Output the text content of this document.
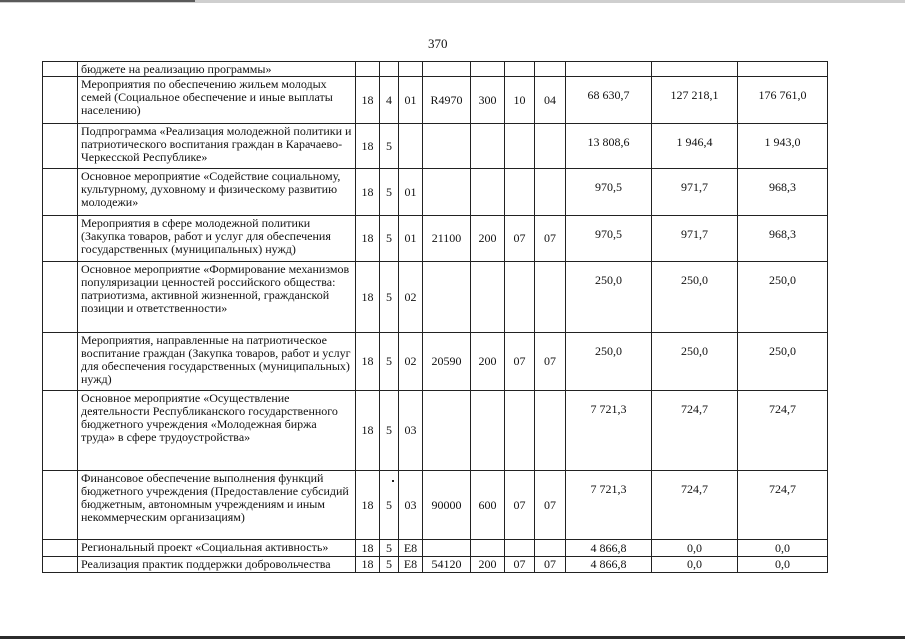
370
	бюджете на реализацию программы»										
	Мероприятия по обеспечению жильем молодых семей (Социальное обеспечение и иные выплаты населению)	18	4	01	R4970	300	10	04	68 630,7	127 218,1	176 761,0
	Подпрограмма «Реализация молодежной политики и патриотического воспитания граждан в Карачаево-Черкесской Республике»	18	5						13 808,6	1 946,4	1 943,0
	Основное мероприятие «Содействие социальному, культурному, духовному и физическому развитию молодежи»	18	5	01					970,5	971,7	968,3
	Мероприятия в сфере молодежной политики (Закупка товаров, работ и услуг для обеспечения государственных (муниципальных) нужд)	18	5	01	21100	200	07	07	970,5	971,7	968,3
	Основное мероприятие «Формирование механизмов популяризации ценностей российского общества: патриотизма, активной жизненной, гражданской позиции и ответственности»	18	5	02					250,0	250,0	250,0
	Мероприятия, направленные на патриотическое воспитание граждан (Закупка товаров, работ и услуг для обеспечения государственных (муниципальных) нужд)	18	5	02	20590	200	07	07	250,0	250,0	250,0
	Основное мероприятие «Осуществление деятельности Республиканского государственного бюджетного учреждения «Молодежная биржа труда» в сфере трудоустройства»	18	5	03					7 721,3	724,7	724,7
	Финансовое обеспечение выполнения функций бюджетного учреждения (Предоставление субсидий бюджетным, автономным учреждениям и иным некоммерческим организациям)	18	5	03	90000	600	07	07	7 721,3	724,7	724,7
	Региональный проект «Социальная активность»	18	5	E8					4 866,8	0,0	0,0
	Реализация практик поддержки добровольчества	18	5	E8	54120	200	07	07	4 866,8	0,0	0,0
